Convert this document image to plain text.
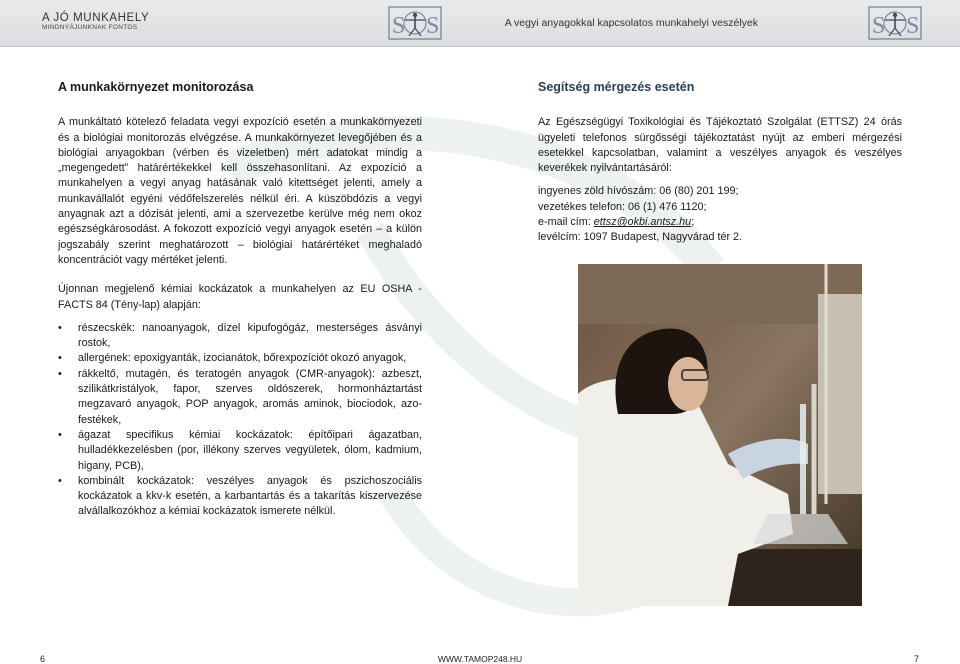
A JÓ MUNKAHELY
MINDNYÁJUNKNAK FONTOS	S S	A vegyi anyagokkal kapcsolatos munkahelyi veszélyek	S S
A munkakörnyezet monitorozása

A munkáltató kötelező feladata vegyi expozíció esetén a munkakörnyezeti és a biológiai monitorozás elvégzése. A munkakörnyezet levegőjében és a biológiai anyagokban (vérben és vizeletben) mért adatokat mindig a „megengedett” határértékekkel kell összehasonlítani. Az expozíció a munkahelyen a vegyi anyag hatásának való kitettséget jelenti, amely a munkavállalót egyéni védőfelszerelés nélkül éri. A küszöbdózis a vegyi anyagnak azt a dózisát jelenti, ami a szervezetbe kerülve még nem okoz egészségkárosodást. A fokozott expozíció vegyi anyagok esetén – a külön jogszabály szerint meghatározott – biológiai határértéket meghaladó koncentrációt vagy mértéket jelenti.

Újonnan megjelenő kémiai kockázatok a munkahelyen az EU OSHA - FACTS 84 (Tény-lap) alapján:

• részecskék: nanoanyagok, dízel kipufogógáz, mesterséges ásványi rostok,
• allergének: epoxigyanták, izocianátok, bőrexpozíciót okozó anyagok,
• rákkeltő, mutagén, és teratogén anyagok (CMR-anyagok): azbeszt, szilikátkristályok, fapor, szerves oldószerek, hormonháztartást megzavaró anyagok, POP anyagok, aromás aminok, biociodok, azo-festékek,
• ágazat specifikus kémiai kockázatok: építőipari ágazatban, hulladékkezelésben (por, illékony szerves vegyületek, ólom, kadmium, higany, PCB),
• kombinált kockázatok: veszélyes anyagok és pszichoszociális kockázatok a kkv-k esetén, a karbantartás és a takarítás kiszervezése alvállalkozókhoz a kémiai kockázatok ismerete nélkül.
Segítség mérgezés esetén

Az Egészségügyi Toxikológiai és Tájékoztató Szolgálat (ETTSZ) 24 órás ügyeleti telefonos sürgősségi tájékoztatást nyújt az emberi mérgezési esetekkel kapcsolatban, valamint a veszélyes anyagok és veszélyes keverékek nyilvántartásáról:

ingyenes zöld hívószám: 06 (80) 201 199;

vezetékes telefon: 06 (1) 476 1120;

e-mail cím: ettsz@okbi.antsz.hu;

levélcím: 1097 Budapest, Nagyvárad tér 2.

6	WWW.TAMOP248.HU	7
